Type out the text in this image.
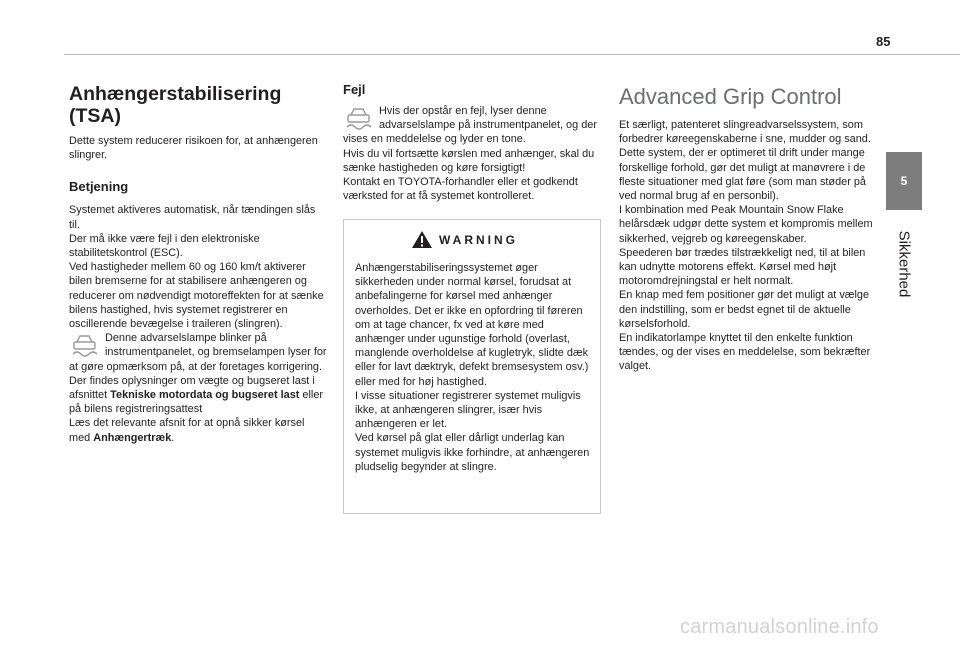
85
5
Sikkerhed
Anhængerstabilisering
(TSA)

Dette system reducerer risikoen for, at anhængeren slingrer.

Betjening

Systemet aktiveres automatisk, når tændingen slås til.

Der må ikke være fejl i den elektroniske stabilitetskontrol (ESC).

Ved hastigheder mellem 60 og 160 km/t aktiverer bilen bremserne for at stabilisere anhængeren og reducerer om nødvendigt motoreffekten for at sænke bilens hastighed, hvis systemet registrerer en oscillerende bevægelse i traileren (slingren).

Denne advarselslampe blinker på instrumentpanelet, og bremselampen lyser for at gøre opmærksom på, at der foretages korrigering.

Der findes oplysninger om vægte og bugseret last i afsnittet Tekniske motordata og bugseret last eller på bilens registreringsattest

Læs det relevante afsnit for at opnå sikker kørsel med Anhængertræk.

Fejl
Hvis der opstår en fejl, lyser denne advarselslampe på instrumentpanelet, og der vises en meddelelse og lyder en tone.

Hvis du vil fortsætte kørslen med anhænger, skal du sænke hastigheden og køre forsigtigt!

Kontakt en TOYOTA-forhandler eller et godkendt værksted for at få systemet kontrolleret.

WARNING

Anhængerstabiliseringssystemet øger sikkerheden under normal kørsel, forudsat at anbefalingerne for kørsel med anhænger overholdes. Det er ikke en opfordring til føreren om at tage chancer, fx ved at køre med anhænger under ugunstige forhold (overlast, manglende overholdelse af kugletryk, slidte dæk eller for lavt dæktryk, defekt bremsesystem osv.) eller med for høj hastighed.

I visse situationer registrerer systemet muligvis ikke, at anhængeren slingrer, især hvis anhængeren er let.

Ved kørsel på glat eller dårligt underlag kan systemet muligvis ikke forhindre, at anhængeren pludselig begynder at slingre.

Advanced Grip Control

Et særligt, patenteret slingreadvarselssystem, som forbedrer køreegenskaberne i sne, mudder og sand.

Dette system, der er optimeret til drift under mange forskellige forhold, gør det muligt at manøvrere i de fleste situationer med glat føre (som man støder på ved normal brug af en personbil).

I kombination med Peak Mountain Snow Flake helårsdæk udgør dette system et kompromis mellem sikkerhed, vejgreb og køreegenskaber.

Speederen bør trædes tilstrækkeligt ned, til at bilen kan udnytte motorens effekt. Kørsel med højt motoromdrejningstal er helt normalt.

En knap med fem positioner gør det muligt at vælge den indstilling, som er bedst egnet til de aktuelle kørselsforhold.

En indikatorlampe knyttet til den enkelte funktion tændes, og der vises en meddelelse, som bekræfter valget.

carmanualsonline.info
